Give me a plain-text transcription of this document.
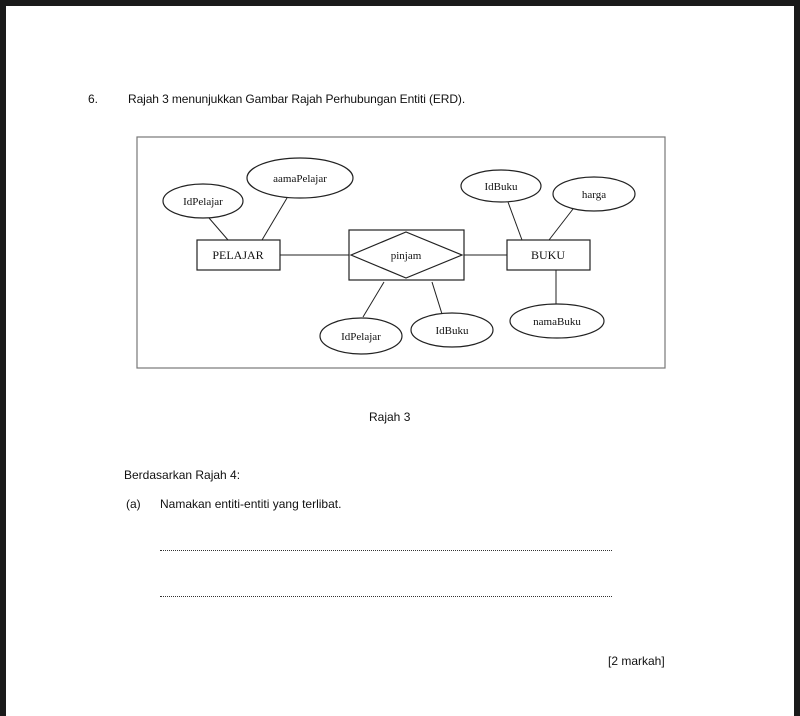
6. Rajah 3 menunjukkan Gambar Rajah Perhubungan Entiti (ERD).
PELAJAR	BUKU
pinjam
IdPelajar
aamaPelajar
IdBuku
harga
namaBuku
IdPelajar	IdBuku
Rajah 3
Berdasarkan Rajah 4:
(a) Namakan entiti-entiti yang terlibat.
[2 markah]
